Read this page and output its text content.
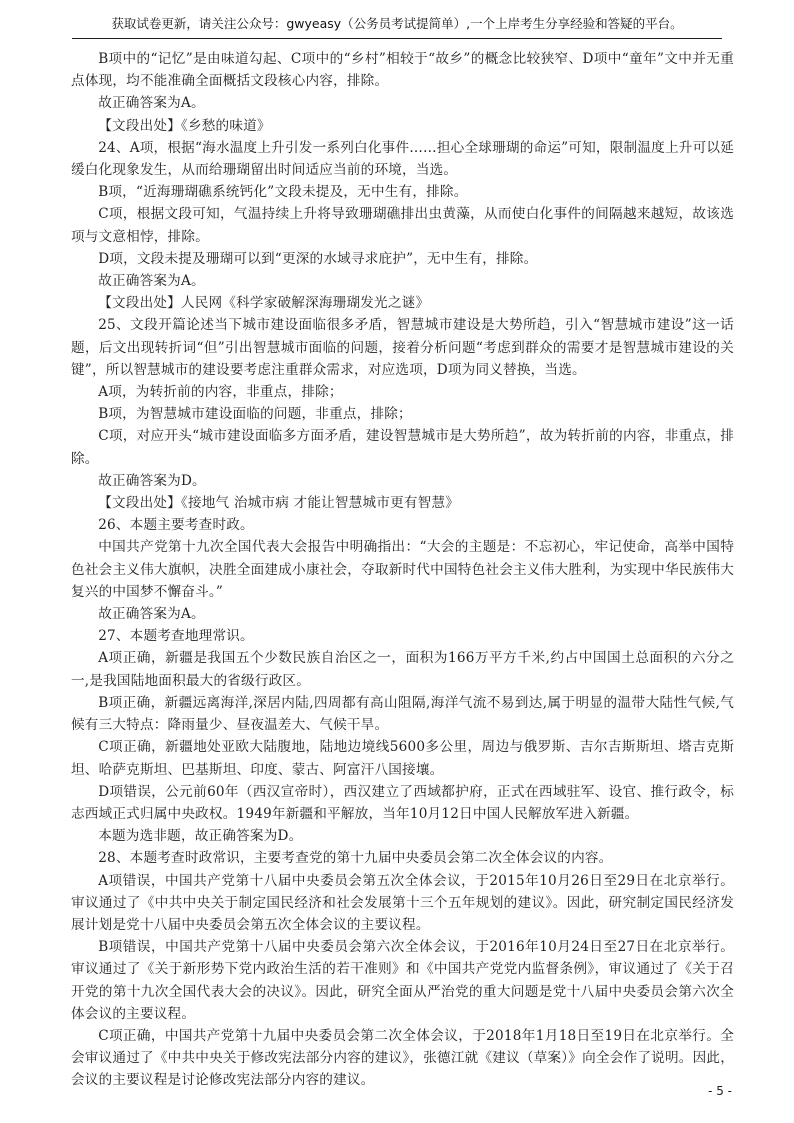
获取试卷更新，请关注公众号：gwyeasy（公务员考试提简单）,一个上岸考生分享经验和答疑的平台。

B项中的“记忆”是由味道勾起、C项中的“乡村”相较于“故乡”的概念比较狭窄、D项中“童年”文中并无重点体现，均不能准确全面概括文段核心内容，排除。

故正确答案为A。

【文段出处】《乡愁的味道》

24、A项，根据“海水温度上升引发一系列白化事件……担心全球珊瑚的命运”可知，限制温度上升可以延缓白化现象发生，从而给珊瑚留出时间适应当前的环境，当选。

B项，“近海珊瑚礁系统钙化”文段未提及，无中生有，排除。

C项，根据文段可知，气温持续上升将导致珊瑚礁排出虫黄藻，从而使白化事件的间隔越来越短，故该选项与文意相悖，排除。

D项，文段未提及珊瑚可以到“更深的水域寻求庇护”，无中生有，排除。

故正确答案为A。

【文段出处】人民网《科学家破解深海珊瑚发光之谜》

25、文段开篇论述当下城市建设面临很多矛盾，智慧城市建设是大势所趋，引入“智慧城市建设”这一话题，后文出现转折词“但”引出智慧城市面临的问题，接着分析问题“考虑到群众的需要才是智慧城市建设的关键”，所以智慧城市的建设要考虑注重群众需求，对应选项，D项为同义替换，当选。

A项，为转折前的内容，非重点，排除；

B项，为智慧城市建设面临的问题，非重点，排除；

C项，对应开头“城市建设面临多方面矛盾，建设智慧城市是大势所趋”，故为转折前的内容，非重点，排除。

故正确答案为D。

【文段出处】《接地气 治城市病 才能让智慧城市更有智慧》

26、本题主要考查时政。

中国共产党第十九次全国代表大会报告中明确指出：“大会的主题是：不忘初心，牢记使命，高举中国特色社会主义伟大旗帜，决胜全面建成小康社会，夺取新时代中国特色社会主义伟大胜利，为实现中华民族伟大复兴的中国梦不懈奋斗。”

故正确答案为A。

27、本题考查地理常识。

A项正确，新疆是我国五个少数民族自治区之一，面积为166万平方千米,约占中国国土总面积的六分之一,是我国陆地面积最大的省级行政区。

B项正确，新疆远离海洋,深居内陆,四周都有高山阻隔,海洋气流不易到达,属于明显的温带大陆性气候,气候有三大特点：降雨量少、昼夜温差大、气候干旱。

C项正确，新疆地处亚欧大陆腹地，陆地边境线5600多公里，周边与俄罗斯、吉尔吉斯斯坦、塔吉克斯坦、哈萨克斯坦、巴基斯坦、印度、蒙古、阿富汗八国接壤。

D项错误，公元前60年（西汉宣帝时），西汉建立了西域都护府，正式在西域驻军、设官、推行政令，标志西域正式归属中央政权。1949年新疆和平解放，当年10月12日中国人民解放军进入新疆。

本题为选非题，故正确答案为D。

28、本题考查时政常识，主要考查党的第十九届中央委员会第二次全体会议的内容。

A项错误，中国共产党第十八届中央委员会第五次全体会议，于2015年10月26日至29日在北京举行。审议通过了《中共中央关于制定国民经济和社会发展第十三个五年规划的建议》。因此，研究制定国民经济发展计划是党十八届中央委员会第五次全体会议的主要议程。

B项错误，中国共产党第十八届中央委员会第六次全体会议，于2016年10月24日至27日在北京举行。审议通过了《关于新形势下党内政治生活的若干准则》和《中国共产党党内监督条例》，审议通过了《关于召开党的第十九次全国代表大会的决议》。因此，研究全面从严治党的重大问题是党十八届中央委员会第六次全体会议的主要议程。

C项正确，中国共产党第十九届中央委员会第二次全体会议，于2018年1月18日至19日在北京举行。全会审议通过了《中共中央关于修改宪法部分内容的建议》，张德江就《建议（草案）》向全会作了说明。因此，会议的主要议程是讨论修改宪法部分内容的建议。

- 5 -
